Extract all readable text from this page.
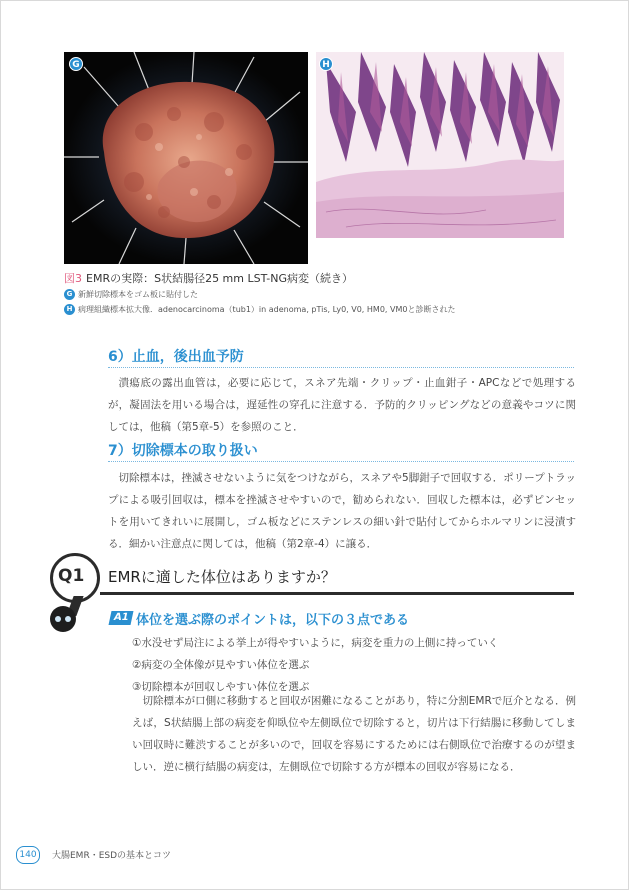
G	H
図3 EMRの実際：S状結腸径25 mm LST-NG病変（続き）
G 新鮮切除標本をゴム板に貼付した
H 病理組織標本拡大像．adenocarcinoma（tub1）in adenoma, pTis, Ly0, V0, HM0, VM0と診断された
6）止血，後出血予防

潰瘍底の露出血管は，必要に応じて，スネア先端・クリップ・止血鉗子・APCなどで処理するが，凝固法を用いる場合は，遅延性の穿孔に注意する．予防的クリッピングなどの意義やコツに関しては，他稿（第5章-5）を参照のこと．

7）切除標本の取り扱い

切除標本は，挫滅させないように気をつけながら，スネアや5脚鉗子で回収する．ポリープトラップによる吸引回収は，標本を挫滅させやすいので，勧められない．回収した標本は，必ずピンセットを用いてきれいに展開し，ゴム板などにステンレスの細い針で貼付してからホルマリンに浸漬する．細かい注意点に関しては，他稿（第2章-4）に譲る．

Q1 EMRに適した体位はありますか？
A1 体位を選ぶ際のポイントは，以下の３点である
①水没せず局注による挙上が得やすいように，病変を重力の上側に持っていく
②病変の全体像が見やすい体位を選ぶ
③切除標本が回収しやすい体位を選ぶ

切除標本が口側に移動すると回収が困難になることがあり，特に分割EMRで厄介となる．例えば，S状結腸上部の病変を仰臥位や左側臥位で切除すると，切片は下行結腸に移動してしまい回収時に難渋することが多いので，回収を容易にするためには右側臥位で治療するのが望ましい．逆に横行結腸の病変は，左側臥位で切除する方が標本の回収が容易になる．

140	大腸EMR・ESDの基本とコツ
